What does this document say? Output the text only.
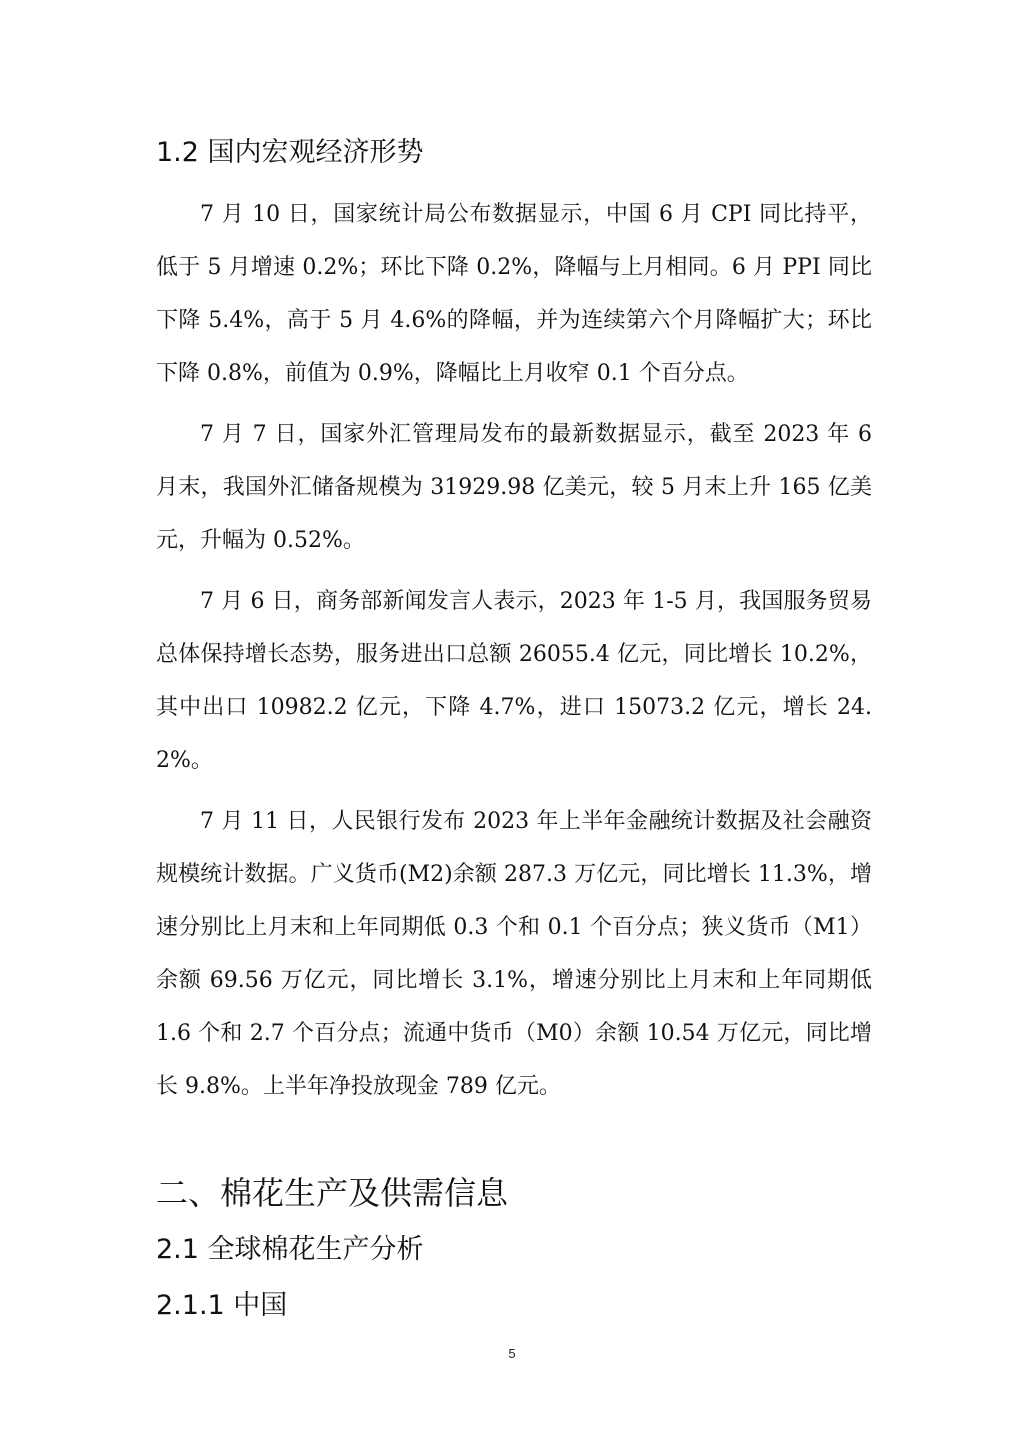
1.2 国内宏观经济形势

7 月 10 日，国家统计局公布数据显示，中国 6 月 CPI 同比持平，低于 5 月增速 0.2%；环比下降 0.2%，降幅与上月相同。6 月 PPI 同比下降 5.4%，高于 5 月 4.6%的降幅，并为连续第六个月降幅扩大；环比下降 0.8%，前值为 0.9%，降幅比上月收窄 0.1 个百分点。

7 月 7 日，国家外汇管理局发布的最新数据显示，截至 2023 年 6 月末，我国外汇储备规模为 31929.98 亿美元，较 5 月末上升 165 亿美元，升幅为 0.52%。

7 月 6 日，商务部新闻发言人表示，2023 年 1-5 月，我国服务贸易总体保持增长态势，服务进出口总额 26055.4 亿元，同比增长 10.2%，其中出口 10982.2 亿元，下降 4.7%，进口 15073.2 亿元，增长 24.2%。

7 月 11 日，人民银行发布 2023 年上半年金融统计数据及社会融资规模统计数据。广义货币(M2)余额 287.3 万亿元，同比增长 11.3%，增速分别比上月末和上年同期低 0.3 个和 0.1 个百分点；狭义货币（M1）余额 69.56 万亿元，同比增长 3.1%，增速分别比上月末和上年同期低 1.6 个和 2.7 个百分点；流通中货币（M0）余额 10.54 万亿元，同比增长 9.8%。上半年净投放现金 789 亿元。

二、棉花生产及供需信息
2.1 全球棉花生产分析
2.1.1 中国
5
